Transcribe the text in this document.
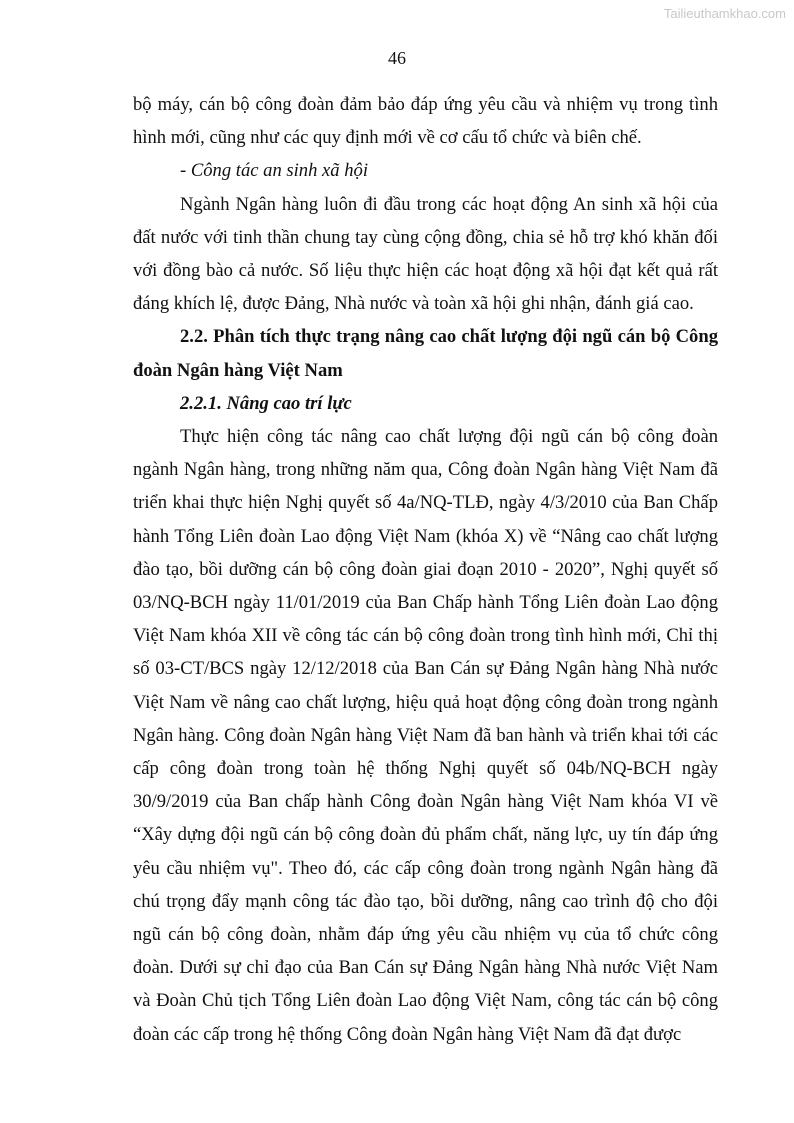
Tailieuthamkhao.com
46

bộ máy, cán bộ công đoàn đảm bảo đáp ứng yêu cầu và nhiệm vụ trong tình hình mới, cũng như các quy định mới về cơ cấu tổ chức và biên chế.

- Công tác an sinh xã hội

Ngành Ngân hàng luôn đi đầu trong các hoạt động An sinh xã hội của đất nước với tinh thần chung tay cùng cộng đồng, chia sẻ hỗ trợ khó khăn đối với đồng bào cả nước. Số liệu thực hiện các hoạt động xã hội đạt kết quả rất đáng khích lệ, được Đảng, Nhà nước và toàn xã hội ghi nhận, đánh giá cao.

2.2. Phân tích thực trạng nâng cao chất lượng đội ngũ cán bộ Công đoàn Ngân hàng Việt Nam

2.2.1. Nâng cao trí lực

Thực hiện công tác nâng cao chất lượng đội ngũ cán bộ công đoàn ngành Ngân hàng, trong những năm qua, Công đoàn Ngân hàng Việt Nam đã triển khai thực hiện Nghị quyết số 4a/NQ-TLĐ, ngày 4/3/2010 của Ban Chấp hành Tổng Liên đoàn Lao động Việt Nam (khóa X) về “Nâng cao chất lượng đào tạo, bồi dưỡng cán bộ công đoàn giai đoạn 2010 - 2020”, Nghị quyết số 03/NQ-BCH ngày 11/01/2019 của Ban Chấp hành Tổng Liên đoàn Lao động Việt Nam khóa XII về công tác cán bộ công đoàn trong tình hình mới, Chỉ thị số 03-CT/BCS ngày 12/12/2018 của Ban Cán sự Đảng Ngân hàng Nhà nước Việt Nam về nâng cao chất lượng, hiệu quả hoạt động công đoàn trong ngành Ngân hàng. Công đoàn Ngân hàng Việt Nam đã ban hành và triển khai tới các cấp công đoàn trong toàn hệ thống Nghị quyết số 04b/NQ-BCH ngày 30/9/2019 của Ban chấp hành Công đoàn Ngân hàng Việt Nam khóa VI về “Xây dựng đội ngũ cán bộ công đoàn đủ phẩm chất, năng lực, uy tín đáp ứng yêu cầu nhiệm vụ". Theo đó, các cấp công đoàn trong ngành Ngân hàng đã chú trọng đẩy mạnh công tác đào tạo, bồi dưỡng, nâng cao trình độ cho đội ngũ cán bộ công đoàn, nhằm đáp ứng yêu cầu nhiệm vụ của tổ chức công đoàn. Dưới sự chỉ đạo của Ban Cán sự Đảng Ngân hàng Nhà nước Việt Nam và Đoàn Chủ tịch Tổng Liên đoàn Lao động Việt Nam, công tác cán bộ công đoàn các cấp trong hệ thống Công đoàn Ngân hàng Việt Nam đã đạt được
